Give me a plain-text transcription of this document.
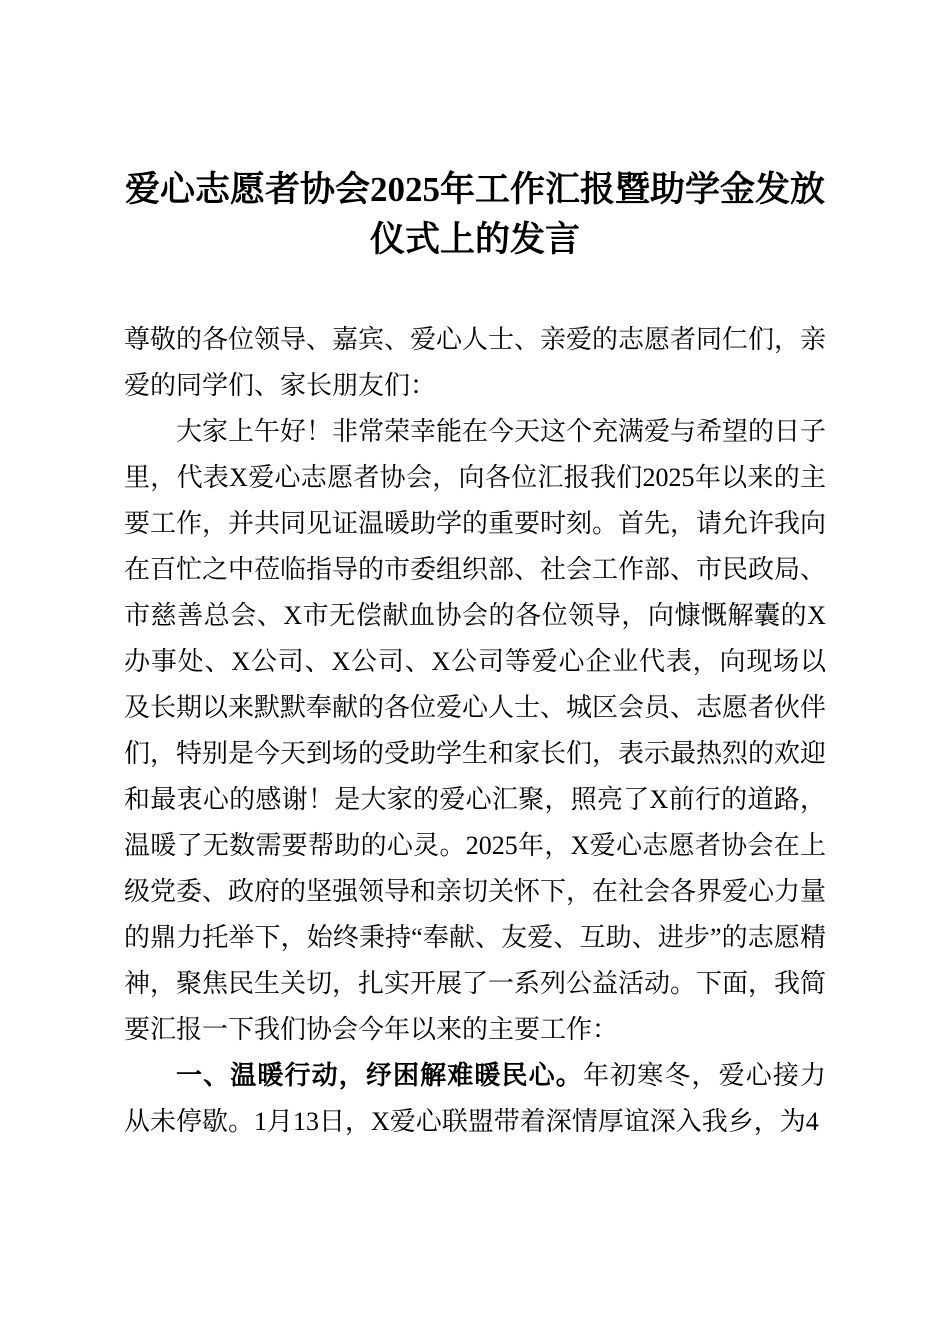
爱心志愿者协会2025年工作汇报暨助学金发放仪式上的发言

尊敬的各位领导、嘉宾、爱心人士、亲爱的志愿者同仁们，亲爱的同学们、家长朋友们：

大家上午好！非常荣幸能在今天这个充满爱与希望的日子里，代表X爱心志愿者协会，向各位汇报我们2025年以来的主要工作，并共同见证温暖助学的重要时刻。首先，请允许我向在百忙之中莅临指导的市委组织部、社会工作部、市民政局、市慈善总会、X市无偿献血协会的各位领导，向慷慨解囊的X办事处、X公司、X公司、X公司等爱心企业代表，向现场以及长期以来默默奉献的各位爱心人士、城区会员、志愿者伙伴们，特别是今天到场的受助学生和家长们，表示最热烈的欢迎和最衷心的感谢！是大家的爱心汇聚，照亮了X前行的道路，温暖了无数需要帮助的心灵。2025年，X爱心志愿者协会在上级党委、政府的坚强领导和亲切关怀下，在社会各界爱心力量的鼎力托举下，始终秉持“奉献、友爱、互助、进步”的志愿精神，聚焦民生关切，扎实开展了一系列公益活动。下面，我简要汇报一下我们协会今年以来的主要工作：

一、温暖行动，纾困解难暖民心。年初寒冬，爱心接力从未停歇。1月13日，X爱心联盟带着深情厚谊深入我乡，为4
